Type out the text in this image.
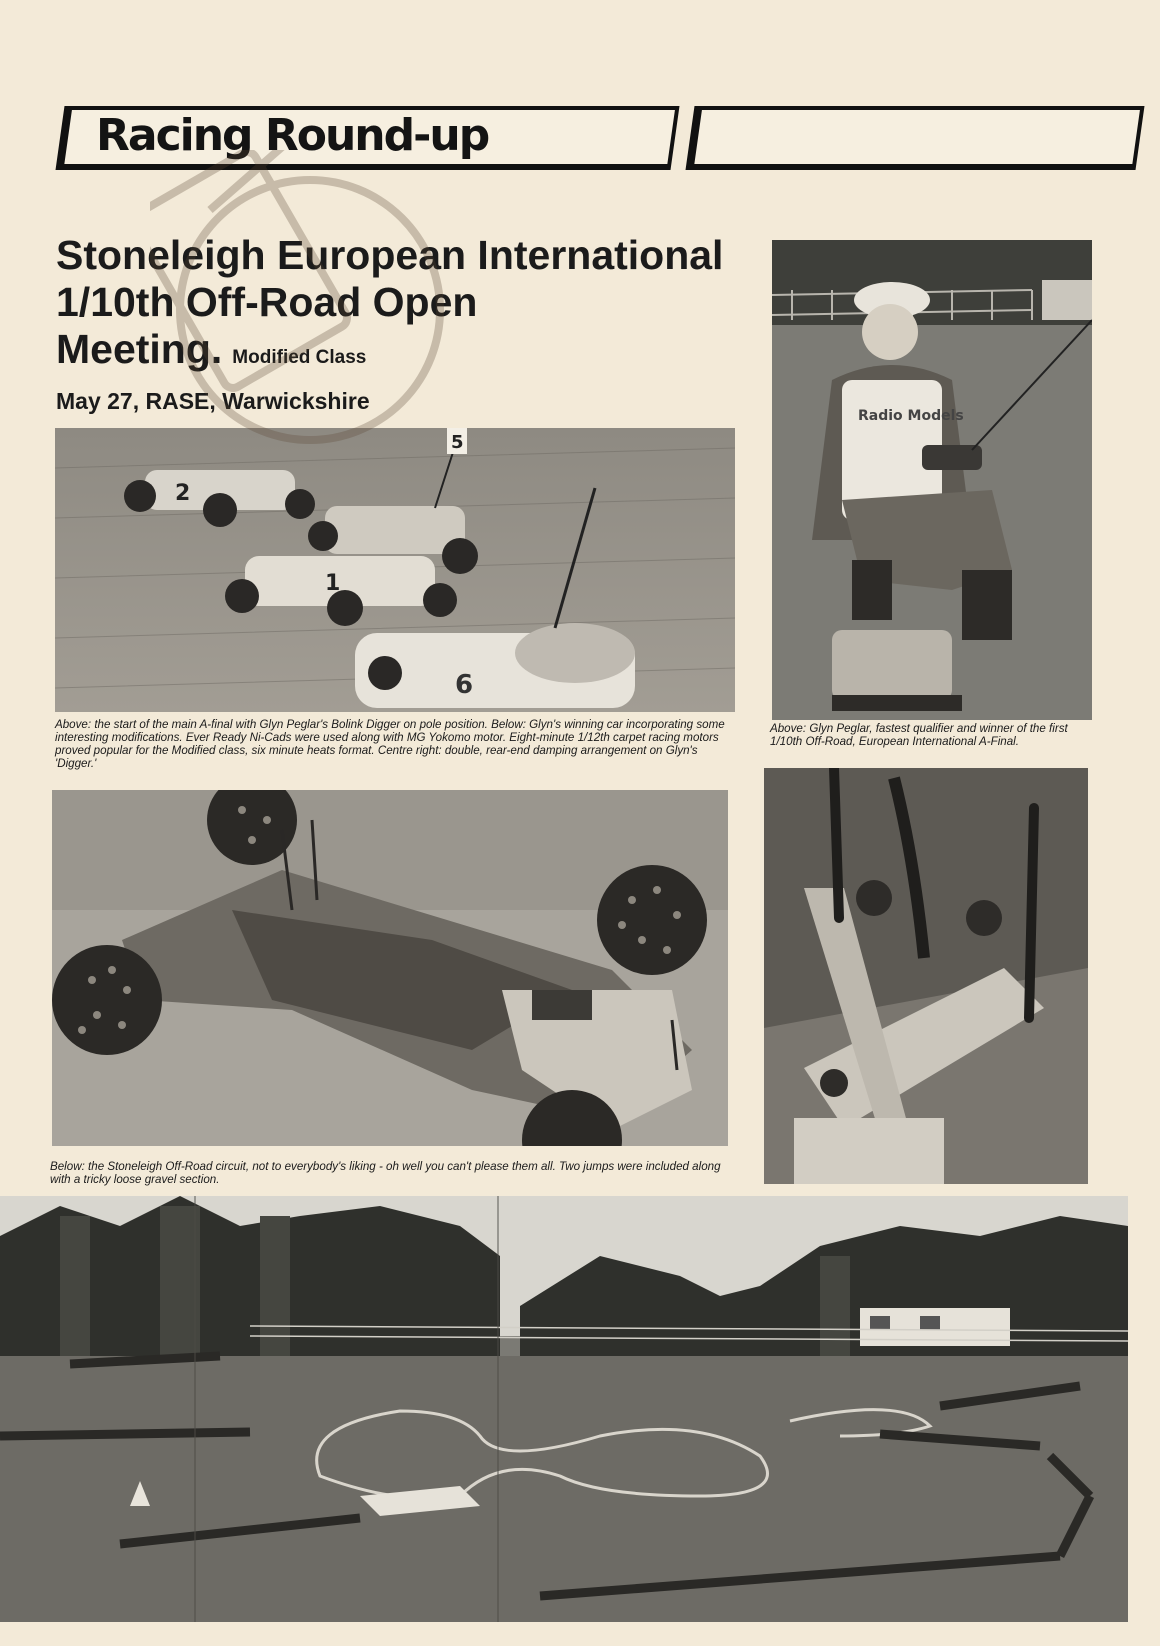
Racing Round-up
Stoneleigh European International 1/10th Off-Road Open Meeting. Modified Class

May 27, RASE, Warwickshire

2
5
1
6

Above: the start of the main A-final with Glyn Peglar's Bolink Digger on pole position. Below: Glyn's winning car incorporating some interesting modifications. Ever Ready Ni-Cads were used along with MG Yokomo motor. Eight-minute 1/12th carpet racing motors proved popular for the Modified class, six minute heats format. Centre right: double, rear-end damping arrangement on Glyn's 'Digger.'

Radio Models

Above: Glyn Peglar, fastest qualifier and winner of the first 1/10th Off-Road, European International A-Final.

Below: the Stoneleigh Off-Road circuit, not to everybody's liking - oh well you can't please them all. Two jumps were included along with a tricky loose gravel section.
